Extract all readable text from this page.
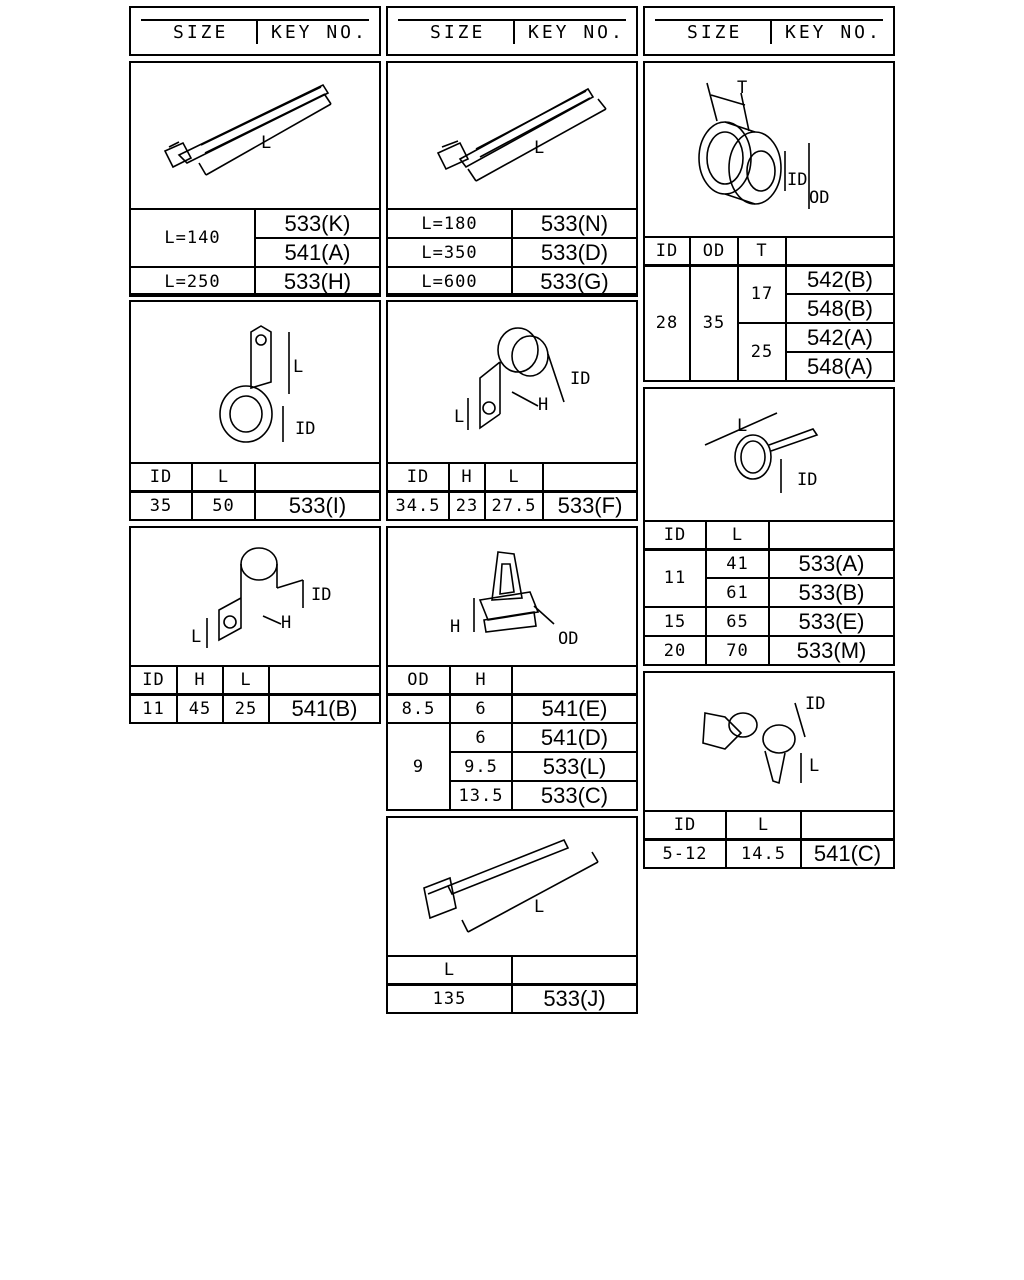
SIZE KEY NO.	SIZE KEY NO.	SIZE KEY NO.
L
L=140	533(K)
	541(A)
L=250	533(H)
L
L=180	533(N)
L=350	533(D)
L=600	533(G)
T
ID
OD
ID	OD	T	
28	35	17	542(B)
			548(B)
		25	542(A)
			548(A)
L
ID
ID	L	
35	50	533(I)
ID
H
L
ID	H	L	
34.5	23	27.5	533(F)
L
ID
ID	L	
11	41	533(A)
	61	533(B)
15	65	533(E)
20	70	533(M)
ID
H
L
ID	H	L	
11	45	25	541(B)
H
OD
OD	H	
8.5	6	541(E)
9	6	541(D)
	9.5	533(L)
	13.5	533(C)
ID
L
ID	L	
5-12	14.5	541(C)
L
L	
135	533(J)
